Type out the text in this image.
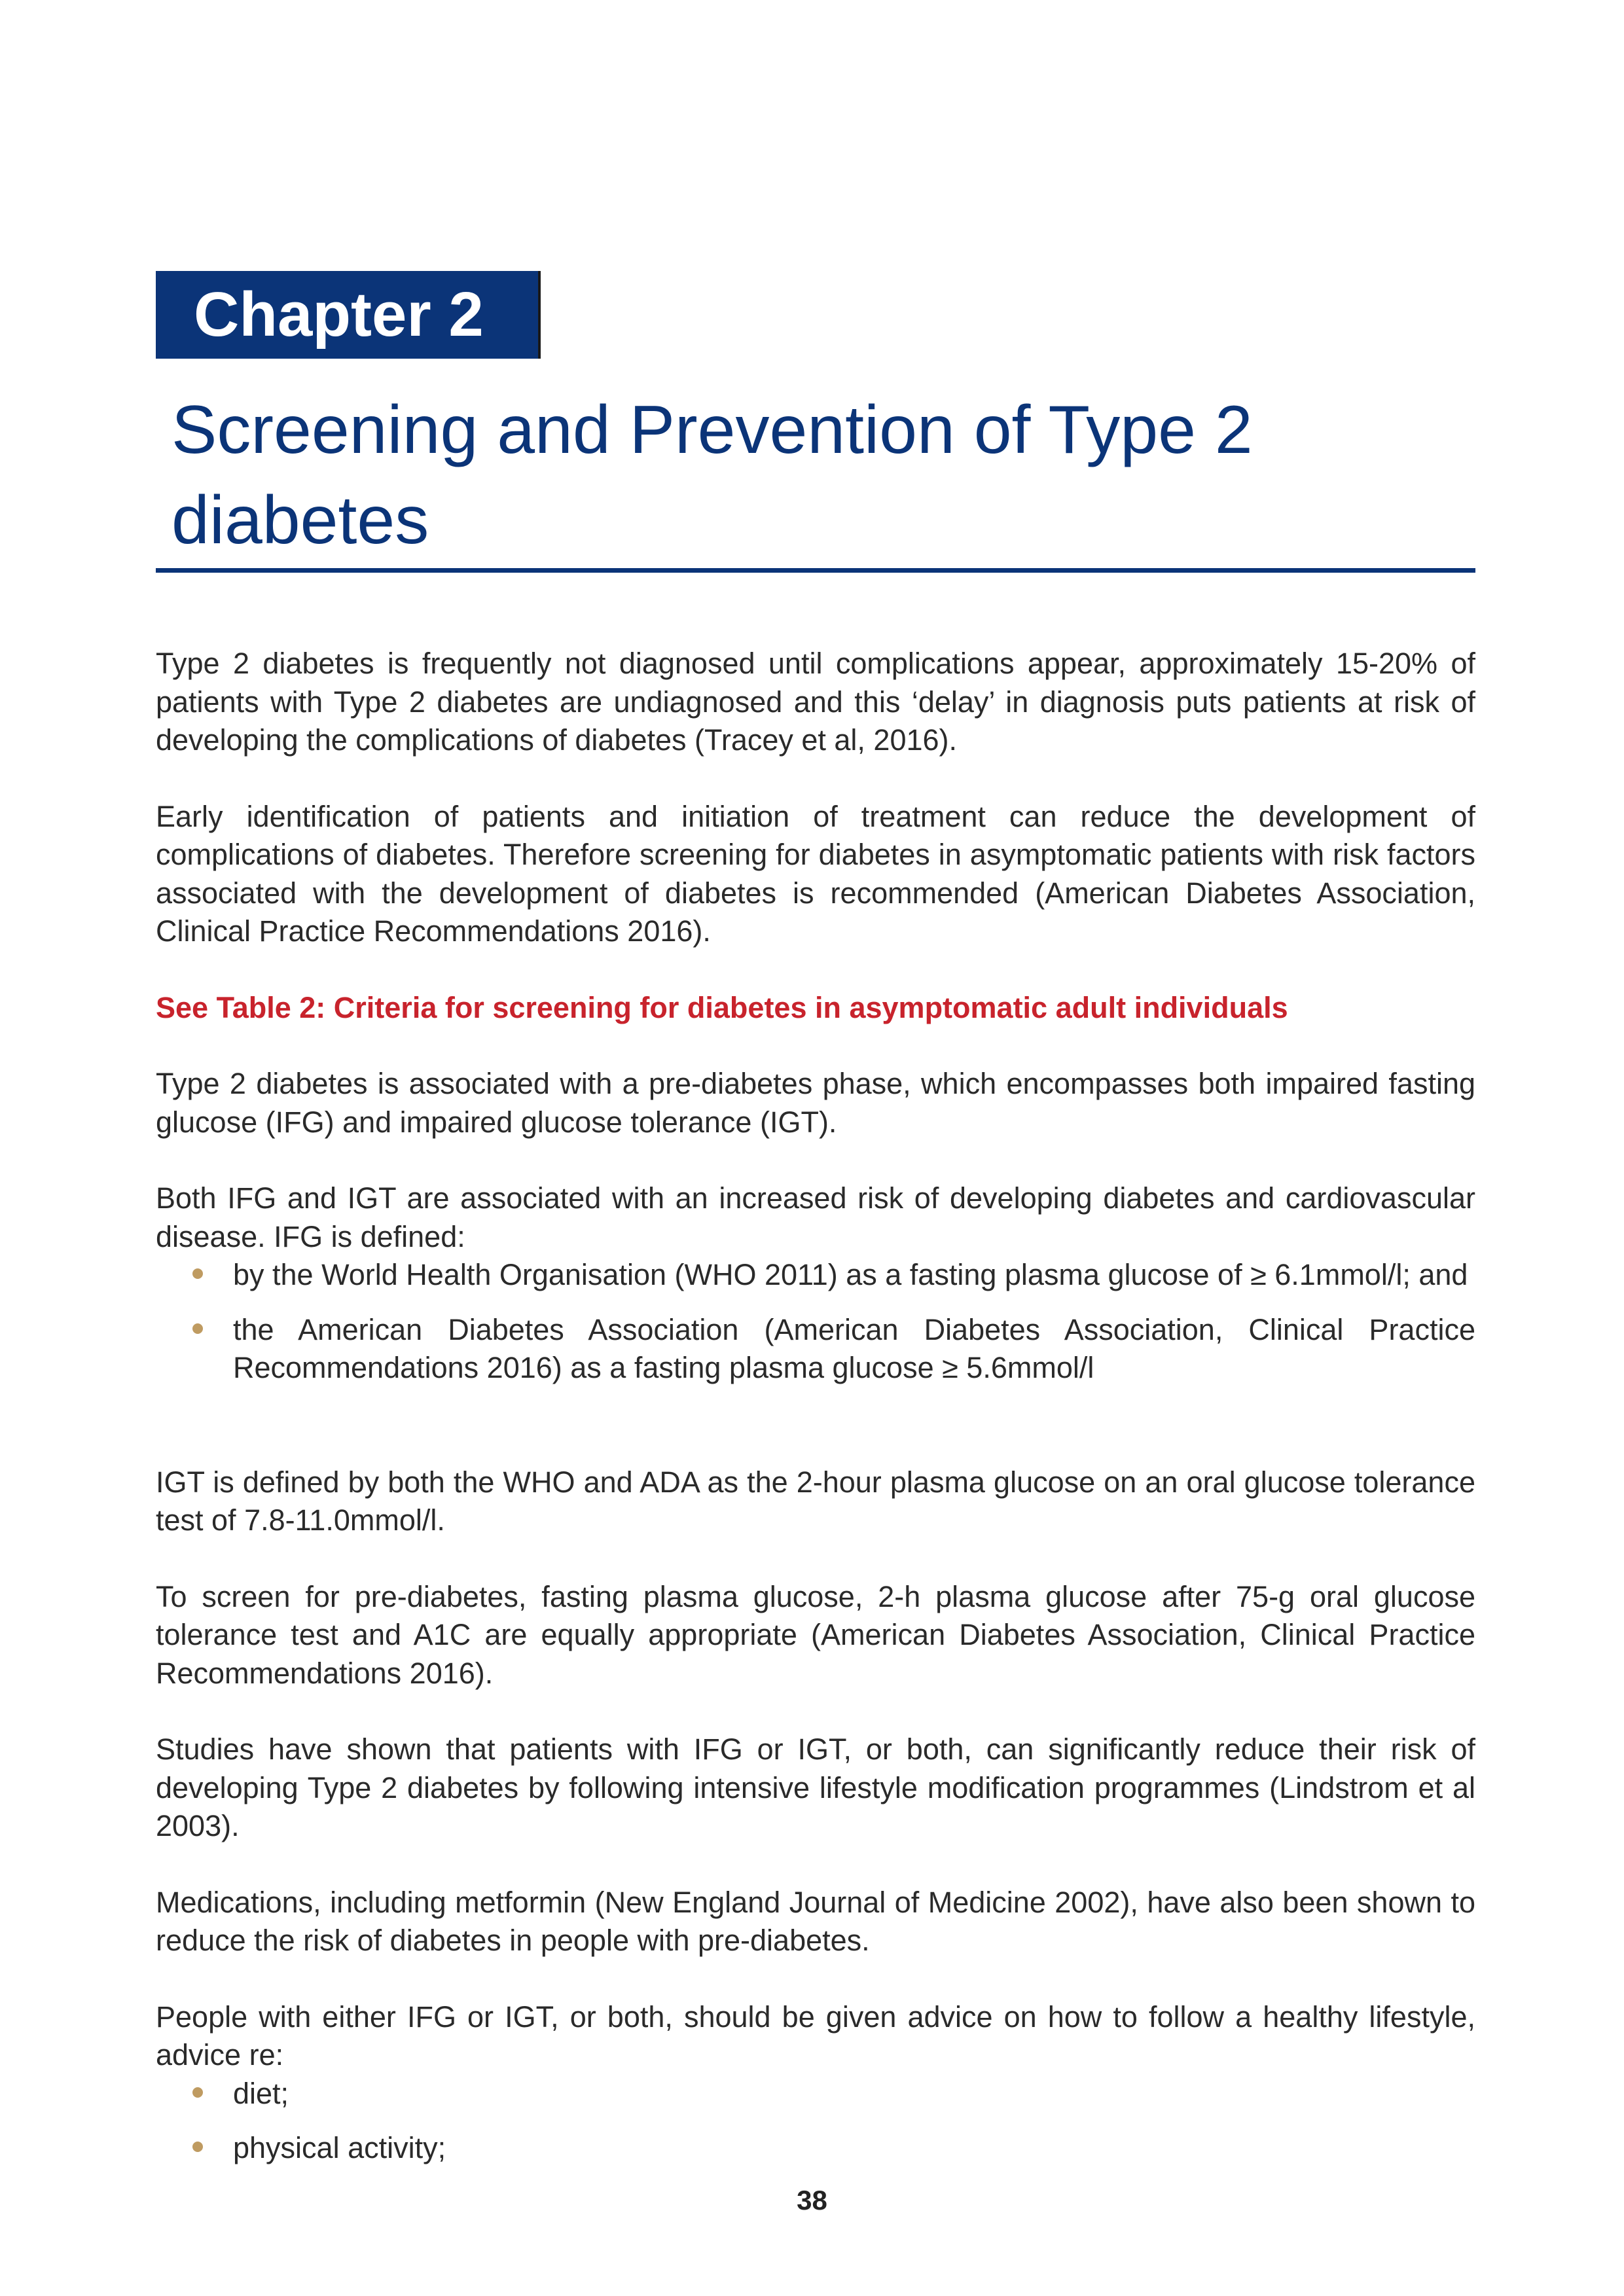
Chapter 2
Screening and Prevention of Type 2 diabetes

Type 2 diabetes is frequently not diagnosed until complications appear, approximately 15-20% of patients with Type 2 diabetes are undiagnosed and this ‘delay’ in diagnosis puts patients at risk of developing the complications of diabetes (Tracey et al, 2016).

Early identification of patients and initiation of treatment can reduce the development of complications of diabetes. Therefore screening for diabetes in asymptomatic patients with risk factors associated with the development of diabetes is recommended (American Diabetes Association, Clinical Practice Recommendations 2016).

See Table 2: Criteria for screening for diabetes in asymptomatic adult individuals

Type 2 diabetes is associated with a pre-diabetes phase, which encompasses both impaired fasting glucose (IFG) and impaired glucose tolerance (IGT).

Both IFG and IGT are associated with an increased risk of developing diabetes and cardiovascular disease. IFG is defined:

by the World Health Organisation (WHO 2011) as a fasting plasma glucose of ≥ 6.1mmol/l; and
the American Diabetes Association (American Diabetes Association, Clinical Practice Recommendations 2016) as a fasting plasma glucose ≥ 5.6mmol/l

IGT is defined by both the WHO and ADA as the 2-hour plasma glucose on an oral glucose tolerance test of 7.8-11.0mmol/l.

To screen for pre-diabetes, fasting plasma glucose, 2-h plasma glucose after 75-g oral glucose tolerance test and A1C are equally appropriate (American Diabetes Association, Clinical Practice Recommendations 2016).

Studies have shown that patients with IFG or IGT, or both, can significantly reduce their risk of developing Type 2 diabetes by following intensive lifestyle modification programmes (Lindstrom et al 2003).

Medications, including metformin (New England Journal of Medicine 2002), have also been shown to reduce the risk of diabetes in people with pre-diabetes.

People with either IFG or IGT, or both, should be given advice on how to follow a healthy lifestyle, advice re:

diet;
physical activity;
38
